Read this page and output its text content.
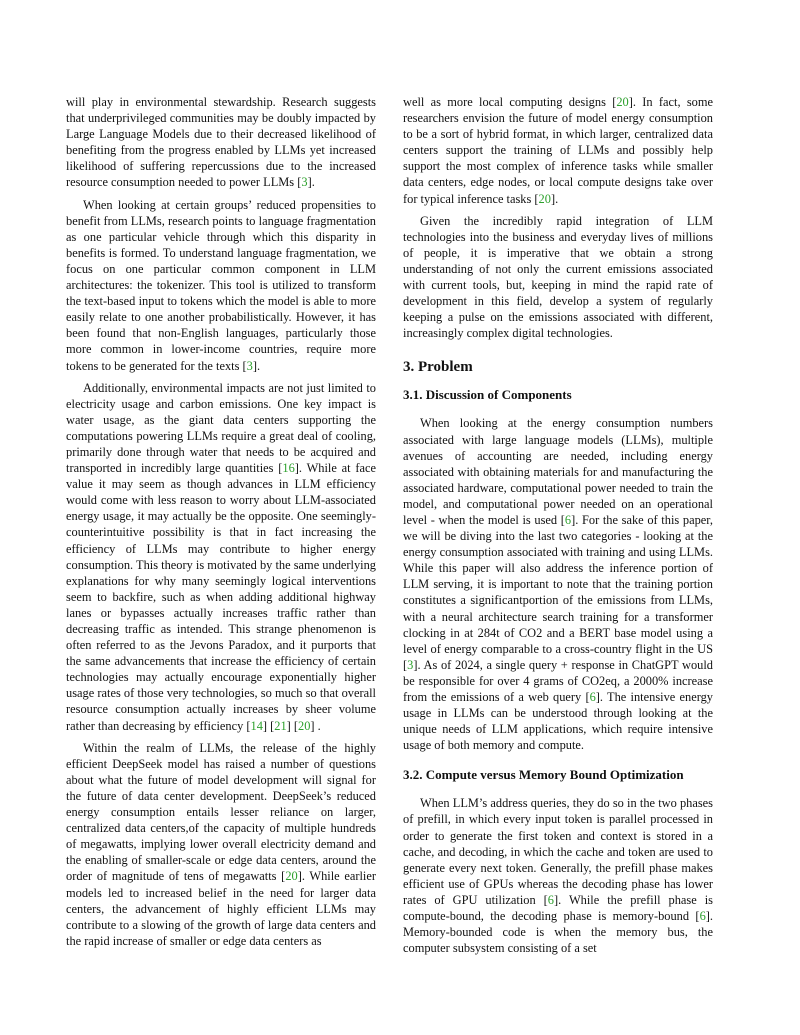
will play in environmental stewardship. Research suggests that underprivileged communities may be doubly impacted by Large Language Models due to their decreased likelihood of benefiting from the progress enabled by LLMs yet increased likelihood of suffering repercussions due to the increased resource consumption needed to power LLMs [3].

When looking at certain groups’ reduced propensities to benefit from LLMs, research points to language fragmentation as one particular vehicle through which this disparity in benefits is formed. To understand language fragmentation, we focus on one particular common component in LLM architectures: the tokenizer. This tool is utilized to transform the text-based input to tokens which the model is able to more easily relate to one another probabilistically. However, it has been found that non-English languages, particularly those more common in lower-income countries, require more tokens to be generated for the texts [3].

Additionally, environmental impacts are not just limited to electricity usage and carbon emissions. One key impact is water usage, as the giant data centers supporting the computations powering LLMs require a great deal of cooling, primarily done through water that needs to be acquired and transported in incredibly large quantities [16]. While at face value it may seem as though advances in LLM efficiency would come with less reason to worry about LLM-associated energy usage, it may actually be the opposite. One seemingly-counterintuitive possibility is that in fact increasing the efficiency of LLMs may contribute to higher energy consumption. This theory is motivated by the same underlying explanations for why many seemingly logical interventions seem to backfire, such as when adding additional highway lanes or bypasses actually increases traffic rather than decreasing traffic as intended. This strange phenomenon is often referred to as the Jevons Paradox, and it purports that the same advancements that increase the efficiency of certain technologies may actually encourage exponentially higher usage rates of those very technologies, so much so that overall resource consumption actually increases by sheer volume rather than decreasing by efficiency [14] [21] [20] .

Within the realm of LLMs, the release of the highly efficient DeepSeek model has raised a number of questions about what the future of model development will signal for the future of data center development. DeepSeek’s reduced energy consumption entails lesser reliance on larger, centralized data centers,of the capacity of multiple hundreds of megawatts, implying lower overall electricity demand and the enabling of smaller-scale or edge data centers, around the order of magnitude of tens of megawatts [20]. While earlier models led to increased belief in the need for larger data centers, the advancement of highly efficient LLMs may contribute to a slowing of the growth of large data centers and the rapid increase of smaller or edge data centers as

well as more local computing designs [20]. In fact, some researchers envision the future of model energy consumption to be a sort of hybrid format, in which larger, centralized data centers support the training of LLMs and possibly help support the most complex of inference tasks while smaller data centers, edge nodes, or local compute designs take over for typical inference tasks [20].

Given the incredibly rapid integration of LLM technologies into the business and everyday lives of millions of people, it is imperative that we obtain a strong understanding of not only the current emissions associated with current tools, but, keeping in mind the rapid rate of development in this field, develop a system of regularly keeping a pulse on the emissions associated with different, increasingly complex digital technologies.

3. Problem
3.1. Discussion of Components

When looking at the energy consumption numbers associated with large language models (LLMs), multiple avenues of accounting are needed, including energy associated with obtaining materials for and manufacturing the associated hardware, computational power needed to train the model, and computational power needed on an operational level - when the model is used [6]. For the sake of this paper, we will be diving into the last two categories - looking at the energy consumption associated with training and using LLMs. While this paper will also address the inference portion of LLM serving, it is important to note that the training portion constitutes a significantportion of the emissions from LLMs, with a neural architecture search training for a transformer clocking in at 284t of CO2 and a BERT base model using a level of energy comparable to a cross-country flight in the US [3]. As of 2024, a single query + response in ChatGPT would be responsible for over 4 grams of CO2eq, a 2000% increase from the emissions of a web query [6]. The intensive energy usage in LLMs can be understood through looking at the unique needs of LLM applications, which require intensive usage of both memory and compute.

3.2. Compute versus Memory Bound Optimization

When LLM’s address queries, they do so in the two phases of prefill, in which every input token is parallel processed in order to generate the first token and context is stored in a cache, and decoding, in which the cache and token are used to generate every next token. Generally, the prefill phase makes efficient use of GPUs whereas the decoding phase has lower rates of GPU utilization [6]. While the prefill phase is compute-bound, the decoding phase is memory-bound [6]. Memory-bounded code is when the memory bus, the computer subsystem consisting of a set
